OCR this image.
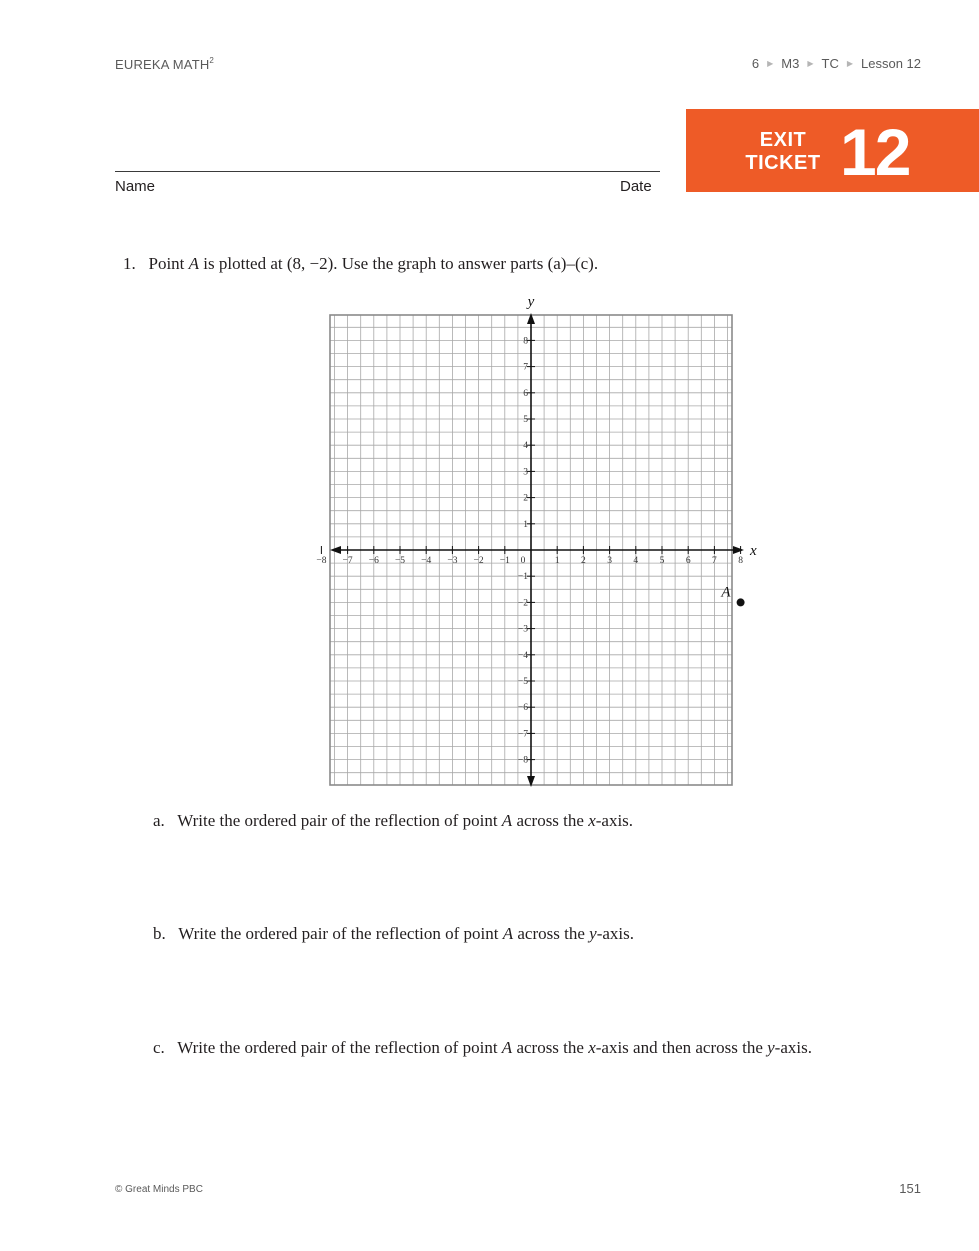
EUREKA MATH$^2$	6 ▶ M3 ▶ TC ▶ Lesson 12
Name	Date
EXIT
TICKET 12
1. Point A is plotted at (8, −2). Use the graph to answer parts (a)–(c).
−8 −7 −6 −5 −4 −3 −2 −1 0	1 2 3 4 5 6 7 8
8
7
6
5
4
3
2
1
−1
−2
−3
−4
−5
−6
−7
−8
x
y
A
a. Write the ordered pair of the reflection of point A across the x-axis.
b. Write the ordered pair of the reflection of point A across the y-axis.
c. Write the ordered pair of the reflection of point A across the x-axis and then across the y-axis.
© Great Minds PBC	151
